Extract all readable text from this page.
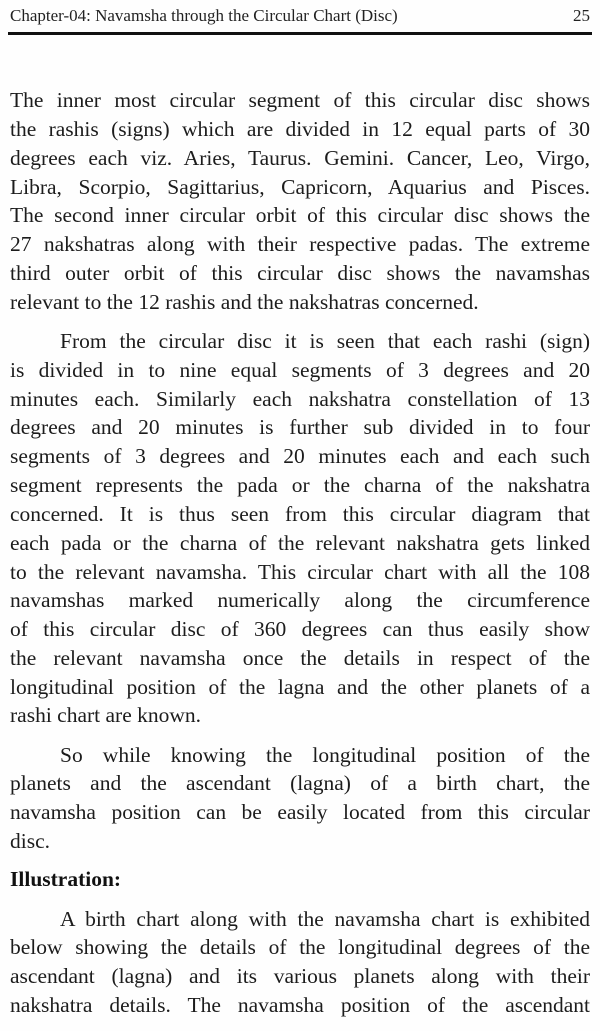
Chapter-04: Navamsha through the Circular Chart (Disc)	25
The inner most circular segment of this circular disc shows
the rashis (signs) which are divided in 12 equal parts of 30
degrees each viz. Aries, Taurus. Gemini. Cancer, Leo, Virgo,
Libra, Scorpio, Sagittarius, Capricorn, Aquarius and Pisces.
The second inner circular orbit of this circular disc shows the
27 nakshatras along with their respective padas. The extreme
third outer orbit of this circular disc shows the navamshas
relevant to the 12 rashis and the nakshatras concerned.
From the circular disc it is seen that each rashi (sign)
is divided in to nine equal segments of 3 degrees and 20
minutes each. Similarly each nakshatra constellation of 13
degrees and 20 minutes is further sub divided in to four
segments of 3 degrees and 20 minutes each and each such
segment represents the pada or the charna of the nakshatra
concerned. It is thus seen from this circular diagram that
each pada or the charna of the relevant nakshatra gets linked
to the relevant navamsha. This circular chart with all the 108
navamshas marked numerically along the circumference
of this circular disc of 360 degrees can thus easily show
the relevant navamsha once the details in respect of the
longitudinal position of the lagna and the other planets of a
rashi chart are known.
So while knowing the longitudinal position of the
planets and the ascendant (lagna) of a birth chart, the
navamsha position can be easily located from this circular
disc.
Illustration:
A birth chart along with the navamsha chart is exhibited
below showing the details of the longitudinal degrees of the
ascendant (lagna) and its various planets along with their
nakshatra details. The navamsha position of the ascendant
